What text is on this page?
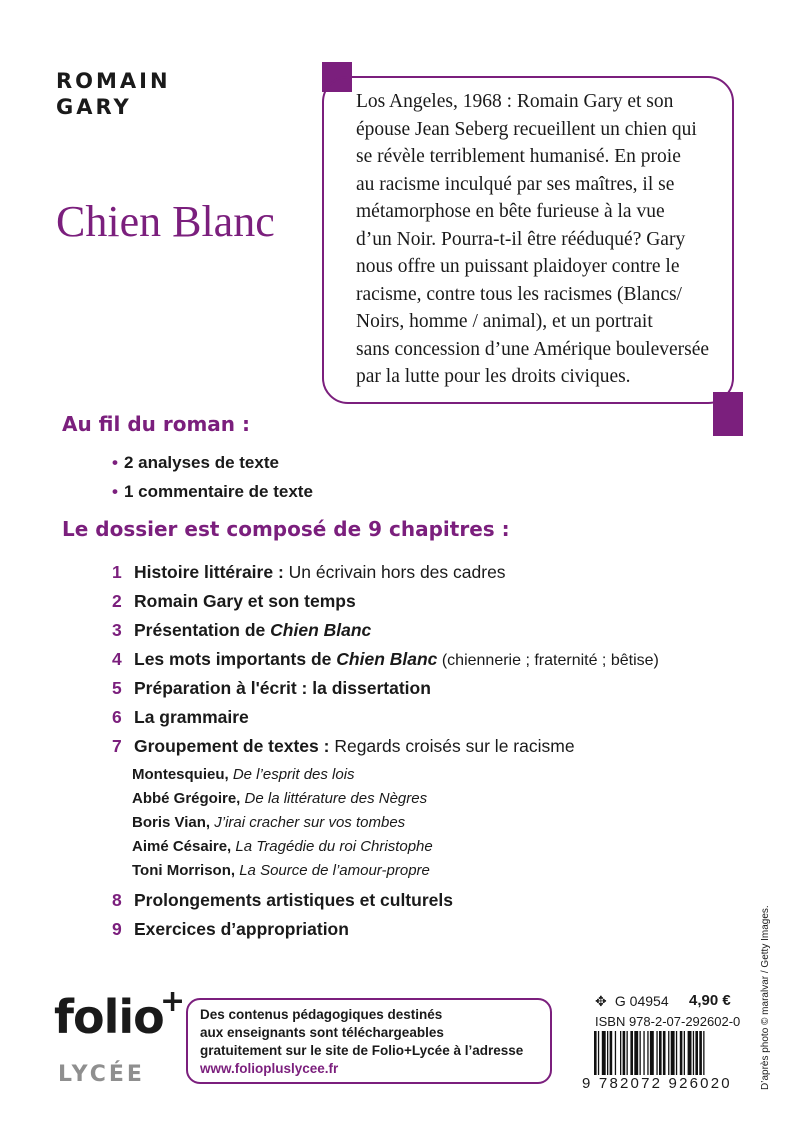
ROMAIN
GARY
Chien Blanc
Los Angeles, 1968 : Romain Gary et son
épouse Jean Seberg recueillent un chien qui
se révèle terriblement humanisé. En proie
au racisme inculqué par ses maîtres, il se
métamorphose en bête furieuse à la vue
d’un Noir. Pourra-t-il être rééduqué? Gary
nous offre un puissant plaidoyer contre le
racisme, contre tous les racismes (Blancs/
Noirs, homme / animal), et un portrait
sans concession d’une Amérique bouleversée
par la lutte pour les droits civiques.
Au fil du roman :
• 2 analyses de texte
• 1 commentaire de texte
Le dossier est composé de 9 chapitres :
1 Histoire littéraire : Un écrivain hors des cadres
2 Romain Gary et son temps
3 Présentation de Chien Blanc
4 Les mots importants de Chien Blanc (chiennerie ; fraternité ; bêtise)
5 Préparation à l'écrit : la dissertation
6 La grammaire
7 Groupement de textes : Regards croisés sur le racisme
Montesquieu, De l’esprit des lois
Abbé Grégoire, De la littérature des Nègres
Boris Vian, J’irai cracher sur vos tombes
Aimé Césaire, La Tragédie du roi Christophe
Toni Morrison, La Source de l’amour-propre
8 Prolongements artistiques et culturels
9 Exercices d’appropriation
folio
+
LYCÉE
Des contenus pédagogiques destinés
aux enseignants sont téléchargeables
gratuitement sur le site de Folio+Lycée à l’adresse
www.foliopluslycee.fr
✥ G 04954 4,90 €
ISBN 978-2-07-292602-0
9 782072 926020	D’après photo © maralvar / Getty Images.
